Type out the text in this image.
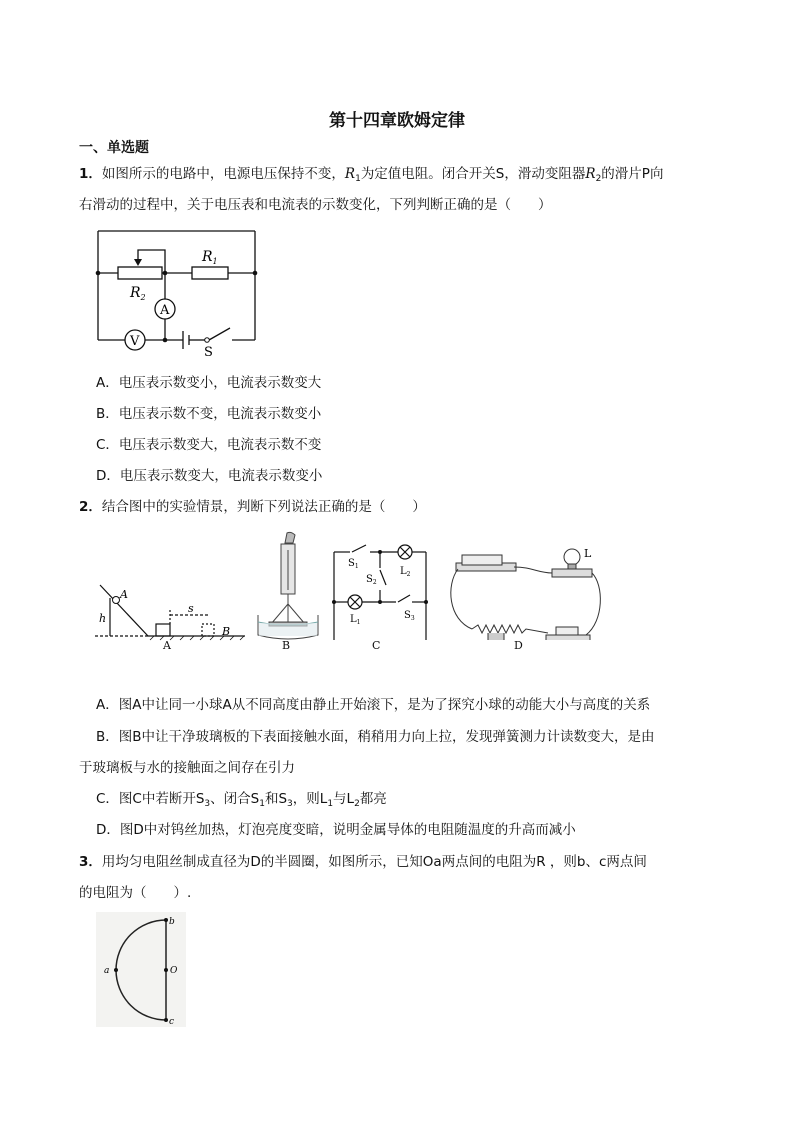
第十四章欧姆定律
一、单选题
1．如图所示的电路中，电源电压保持不变，$R_1$为定值电阻。闭合开关S，滑动变阻器$R_2$的滑片P向
右滑动的过程中，关于电压表和电流表的示数变化，下列判断正确的是（　　）
$R_1$
$R_2$
A
V
S
A．电压表示数变小，电流表示数变大
B．电压表示数不变，电流表示数变小
C．电压表示数变大，电流表示数不变
D．电压表示数变大，电流表示数变小
2．结合图中的实验情景，判断下列说法正确的是（　　）
A
h
s
B
A	B
$S_1$
$S_2$
$L_2$
$L_1$
$S_3$
C
L
D
A．图A中让同一小球A从不同高度由静止开始滚下，是为了探究小球的动能大小与高度的关系
B．图B中让干净玻璃板的下表面接触水面，稍稍用力向上拉，发现弹簧测力计读数变大，是由
于玻璃板与水的接触面之间存在引力
C．图C中若断开$S_3$、闭合$S_1$和$S_3$，则$L_1$与$L_2$都亮
D．图D中对钨丝加热，灯泡亮度变暗，说明金属导体的电阻随温度的升高而减小
3．用均匀电阻丝制成直径为D的半圆圈，如图所示，已知Oa两点间的电阻为R ，则b、c两点间
的电阻为（　　）.
b
a	O
c
